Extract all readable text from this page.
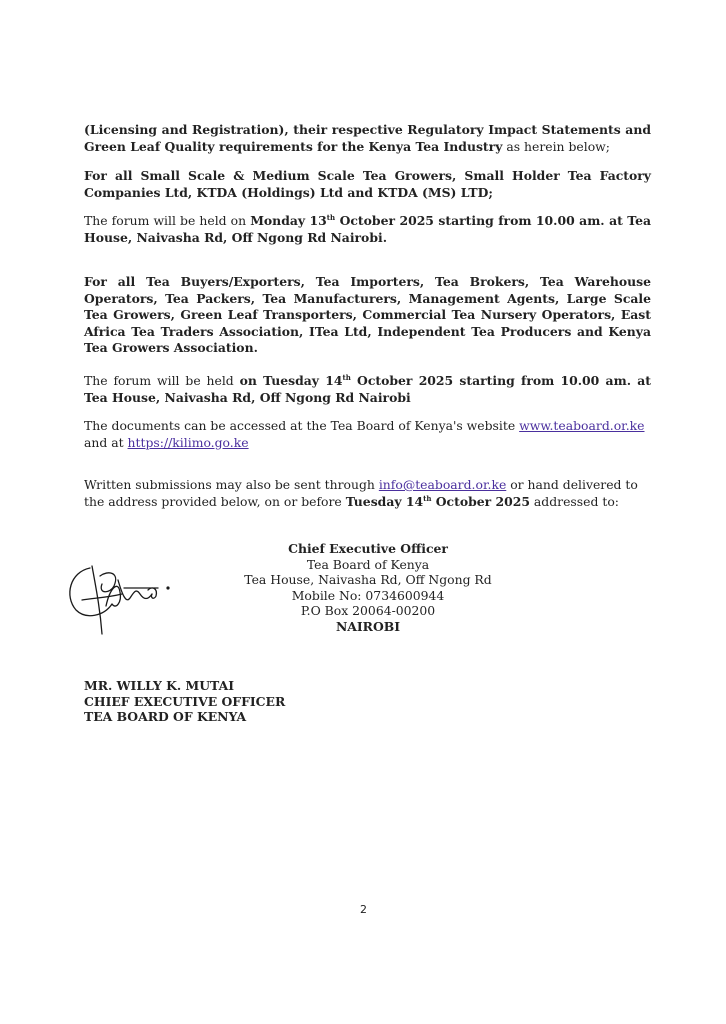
(Licensing and Registration), their respective Regulatory Impact Statements and Green Leaf Quality requirements for the Kenya Tea Industry as herein below;

For all Small Scale & Medium Scale Tea Growers, Small Holder Tea Factory Companies Ltd, KTDA (Holdings) Ltd and KTDA (MS) LTD;

The forum will be held on Monday 13th October 2025 starting from 10.00 am. at Tea House, Naivasha Rd, Off Ngong Rd Nairobi.

For all Tea Buyers/Exporters, Tea Importers, Tea Brokers, Tea Warehouse Operators, Tea Packers, Tea Manufacturers, Management Agents, Large Scale Tea Growers, Green Leaf Transporters, Commercial Tea Nursery Operators, East Africa Tea Traders Association, ITea Ltd, Independent Tea Producers and Kenya Tea Growers Association.

The forum will be held on Tuesday 14th October 2025 starting from 10.00 am. at Tea House, Naivasha Rd, Off Ngong Rd Nairobi

The documents can be accessed at the Tea Board of Kenya's website www.teaboard.or.ke and at https://kilimo.go.ke

Written submissions may also be sent through info@teaboard.or.ke or hand delivered to the address provided below, on or before Tuesday 14th October 2025 addressed to:

Chief Executive Officer
Tea Board of Kenya
Tea House, Naivasha Rd, Off Ngong Rd
Mobile No: 0734600944
P.O Box 20064-00200
NAIROBI
MR. WILLY K. MUTAI
CHIEF EXECUTIVE OFFICER
TEA BOARD OF KENYA
2
